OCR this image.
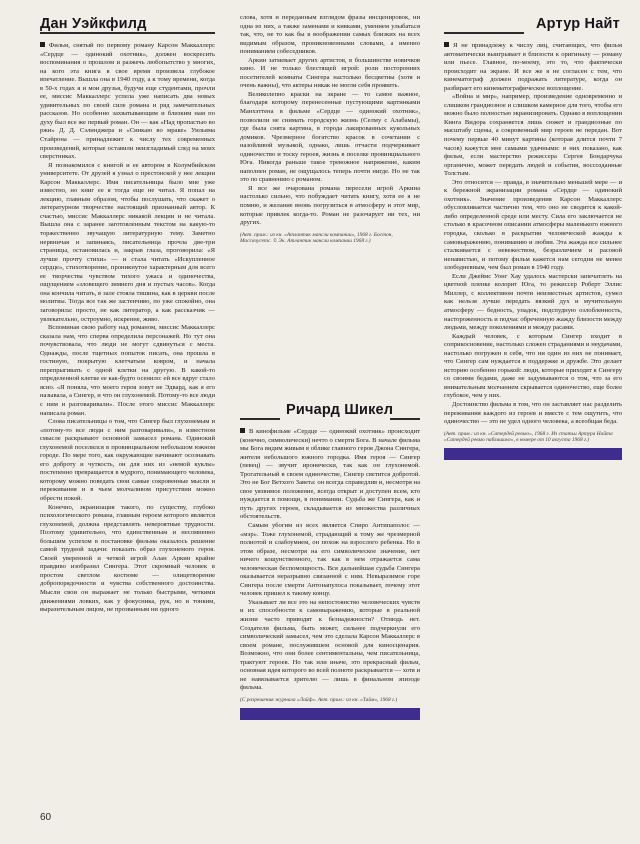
Дан Уэйкфилд

Фильм, снятый по первому роману Карсон Маккаллерс «Сердце — одинокий охотник», должен воскресить воспоминания о прошлом и разжечь любопытство у многих, на кого эта книга в свое время произвела глубокое впечатление. Вышла она в 1940 году, а к тому времени, когда в 50-х годах я и мои друзья, будучи еще студентами, прочли ее, миссис Маккаллерс успела уже написать два новых удивительных по своей силе романа и ряд замечательных рассказов. Но особенно захватывающим и близким нам по духу был все же первый роман. Он — как «Над пропастью во ржи» Д. Д. Сэлинджера и «Синкаю во мраке» Уильяма Стайрона — принадлежит к числу тех современных произведений, которые оставили неизгладимый след на моих сверстниках.

Я познакомился с книгой и ее автором в Колумбийском университете. От друзей я узнал о престонской у нее лекции Карсон Маккаллерс. Имя писательницы было мне уже известно, но книг ее я тогда еще не читал. Я попал на лекцию, главным образом, чтобы послушать, что скажет о литературном творчестве настоящий признанный автор. К счастью, миссис Маккаллерс никакой лекции и не читала. Вышла она с заранее заготовленным текстом на какую-то торжественно звучащую литературную тему. Заметно нервничая и запинаясь, писательница прочла две-три страницы, остановилась и, закрыв глаза, проговорила: «Я лучше прочту стихи» — и стала читать «Искупленное сердце», стихотворение, проникнутое характерным для всего ее творчества чувством тихого ужаса и одиночества, ощущением «зловещего зимнего дня и пустых часов». Когда она кончила читать, в зале стояла тишина, как в церкви после молитвы. Тогда все так же застенчиво, по уже спокойно, она заговорила: просто, не как литератор, а как рассказчик — увлекательно, остроумно, искренне, живо.

Вспоминая свою работу над романом, миссис Маккаллерс сказала нам, что сперва определила персонажей. Но тут она почувствовала, что люди не могут сдвинуться с места. Однажды, после тщетных попыток писать, она прошла в гостиную, покрытую клетчатым ковром, и начала перепрыгивать с одной клетки на другую. В какой-то определенной клетке ее как-будто осенило: ей все вдруг стало ясно. «Я поняла, что моего героя зовут не Эдвард, как я его называла, а Сингер, и что он глухонемой. Потому-то все люди с ним и разговаривали». После этого миссис Маккаллерс написала роман.

Слова писательницы о том, что Сингер был глухонемым и «потому-то все люди с ним разговаривали», в известном смысле раскрывают основной замысел романа. Одинокий глухонемой поселился в провинциальном небольшом южном городе. По мере того, как окружающие начинают осознавать его доброту и чуткость, он для них из «немой куклы» постепенно превращается в мудрого, понимающего человека, которому можно поведать свои самые сокровенные мысли и переживания и в чьем молчаливом присутствии можно обрести покой.

Конечно, экранизация такого, по существу, глубоко психологического романа, главным героем которого является глухонемой, должна представлять невероятные трудности. Поэтому удивительно, что единственным и несомненно большим успехом в постановке фильма оказалось решение самой трудной задачи: показать образ глухонемого героя. Своей уверенной и четкой игрой Алан Аркин крайне правдиво изобразил Сингера. Этот скромный человек в простом светлом костюме — олицетворение добропорядочности и чувства собственного достоинства. Мысли свои он выражает не только быстрыми, четкими движениями ловких, как у фокусника, рук, но и тонким, выразительным лицом, не прозванным ни одного

слова, хотя и переданным взглядом фразы инсценировок, ни одна из них, а также заменами и кивками, умением улыбаться так, что, не то как бы в воображении самых близких на всех видимым образом, проникновенными словами, а именно пониманием собеседников.

Аркин затмевает других артистов, в большинстве новичков кино. И не только блестящей игрой: роли посторонних посетителей комнаты Сингера настолько бесцветны (хотя и очень важны), что актеры никак не могли себя проявить.

Великолепно краски на экране — то самое важное, благодаря которому перенесенные пустующими картинками Манхэттена в фильме «Сердце — одинокий охотник», позволили не снимать городскую жизнь (Селму с Алабамы), где была снята картина, в города лакированных кукольных домиков. Чрезмерное богатство красок в сочетании с назойливой музыкой, однако, лишь отчасти подчеркивает одиночество и тоску героев, жизнь в поселке провинциального Юга. Никогда раньше такое тревожное напряжение, каким наполнен роман, не ощущалось теперь почти нигде. Но не так это по сравнению с романом.

Я все же очарована романа пересели игрой Аркина настолько сильно, что побуждает читать книгу, хотя ее я не помню, и желание вновь погрузиться в атмосферу и этот мир, которые привлек когда-то. Роман не разочарует ни тех, ни других.

(Авт. прим.: из кн. «Атлантик мансли компании», 1968 г. Бостон, Массачусетс. © Эк. Атлантик мансли компании 1968 г.)
Ричард Шикел

В кинофильме «Сердце — одинокий охотник» происходит (конечно, символически) нечто о смерти Бога. В начале фильма мы Бога видим живым в облике главного героя Джона Сингера, жителя небольшого южного городка. Имя героя — Сингер (певец) — звучит иронически, так как он глухонемой. Трогательный в своем одиночестве, Сингер светится добротой. Это не Бог Ветхого Завета: он всегда справедлив и, несмотря на свое уязвимое положение, всегда открыт и доступен всем, кто нуждается в помощи, в понимании. Судьба же Сингера, как и путь других героев, складывается из множества различных обстоятельств.

Самым убогим из всех является Спиро Антипаполос — «мэр». Тоже глухонемой, страдающий к тому же чрезмерной полнотой и слабоумием, он похож на взрослого ребенка. Но в этом образе, несмотря на его символическое значение, нет ничего кощунственного, так как в нем отражается сама человеческая беспомощность. Вся дальнейшая судьба Сингера оказывается неразрывно связанной с ним. Невыразимое горе Сингера после смерти Антонапулоса показывает, почему этот человек пришел к такому концу.

Указывает ли все это на непостоянство человеческих чувств и их способности к самовыражению, которые в реальной жизни часто приводят к безнадежности? Отнюдь нет. Создатели фильма, быть может, сильнее подчеркнули его символический замысел, чем это сделала Карсон Маккаллерс в своем романе, послужившем основой для киносценария. Возможно, что они более сентиментальны, чем писательница, трактуют героев. Но так или иначе, это прекрасный фильм, основная идея которого во всей полноте раскрывается — хотя и не навязывается зрителю — лишь в финальном эпизоде фильма.

(С разрешения журнала «Лайф». Авт. прим.: из кн. «Тайм», 1968 г.)
Артур Найт

Я не принадлежу к числу лиц, считающих, что фильм автоматически выигрывает в близости к оригиналу — роману или пьесе. Главное, по-моему, это то, что фактически происходит на экране. И все же я не согласен с тем, что кинематограф должен подражать литературе, когда он разбирает его кинематографическое воплощение.

«Война и мир», например, произведение одновременно и слишком грандиозное и слишком камерное для того, чтобы его можно было полностью экранизировать. Однако в воплощении Кинга Видора сохраняется лишь сюжет и грандиозные по масштабу сцены, а сокровенный мир героев не передан. Вот почему первые 40 минут картины (которая длится почти 7 часов) кажутся мне самыми удачными: в них показано, как фильм, если мастерство режиссера Сергея Бондарчука органично, может передать людей и события, воссозданные Толстым.

Это относится — правда, в значительно меньшей мере — и к бережной экранизации романа «Сердце — одинокий охотник». Значение произведения Карсон Маккаллерс обусловливается частично тем, что оно не сводится к какой-либо определенной среде или месту. Сила его заключается не столько в красочном описании атмосферы маленького южного городка, сколько в раскрытии человеческой жажды к самовыражению, пониманию и любви. Эта жажда все сильнее сталкивается с невежеством, безразличием и расовой ненавистью, и потому фильм кажется нам сегодня не менее злободневным, чем был роман в 1940 году.

Если Джеймс Уонг Хау удалось мастерски запечатлеть на цветной пленке колорит Юга, то режиссер Роберт Эллис Миллер, с коллективом почти неизвестных артистов, сумел как нельзя лучше передать вязкий дух и мучительную атмосферу — бедность, упадок, подспудную озлобленность, настороженность и подчас обреченную жажду близости между людьми, между поколениями и между расами.

Каждый человек, с которым Сингер входит в соприкосновение, настолько сложен страданиями и неудачами, настолько погружен в себя, что ни один из них не понимает, что Сингер сам нуждается в поддержке и дружбе. Это делает историю особенно горькой: люди, которые приходят к Сингеру со своими бедами, даже не задумываются о том, что за его внимательным молчанием скрывается одиночество, еще более глубокое, чем у них.

Достоинство фильма в том, что он заставляет нас разделить переживания каждого из героев и вместе с тем ощутить, что одиночество — это не удел одного человека, а всеобщая беда.

(Авт. прим.: из кн. «Сатердей ревью», 1968 г. Из статьи Артура Найта «Сатердей ревью паблишинг», в номере от 10 августа 1968 г.)
60
